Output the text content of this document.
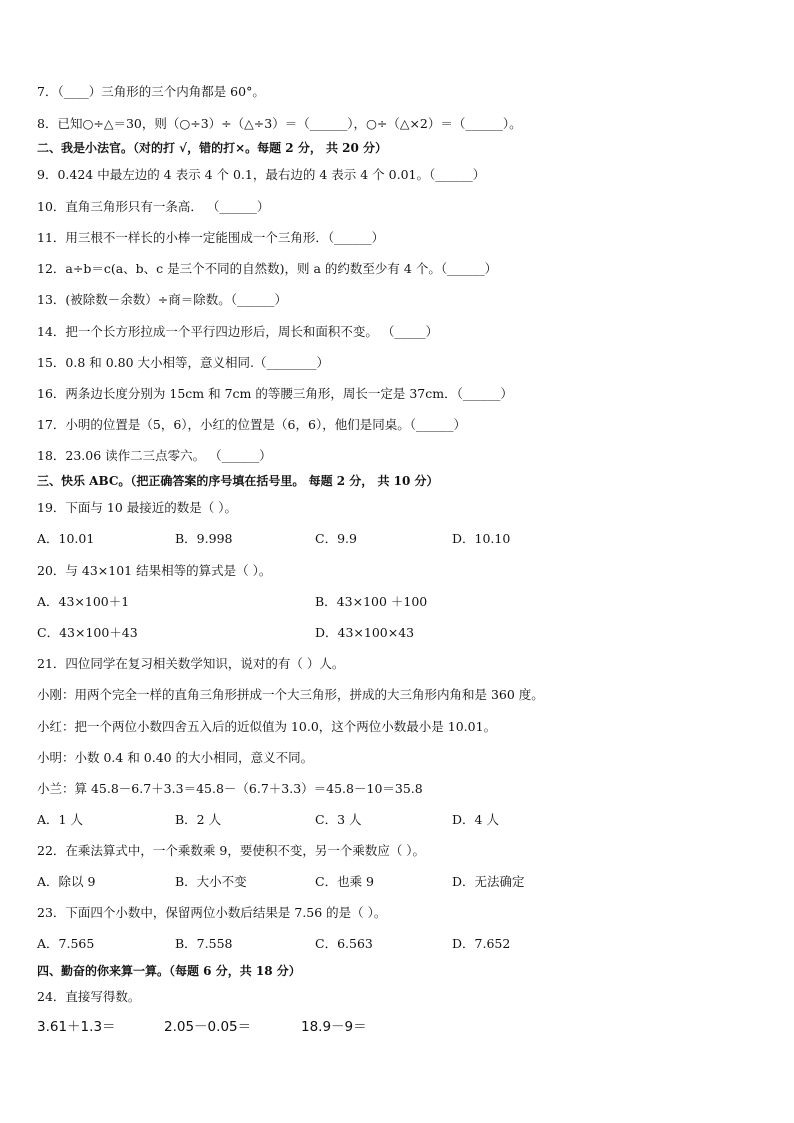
7．（____）三角形的三个内角都是 60°。
8．已知○÷△＝30，则（○÷3）÷（△÷3）＝（______），○÷（△×2）＝（______）。
二、我是小法官。（对的打 √，错的打×。每题 2 分， 共 20 分）
9．0.424 中最左边的 4 表示 4 个 0.1，最右边的 4 表示 4 个 0.01。（______）
10．直角三角形只有一条高． （______）
11．用三根不一样长的小棒一定能围成一个三角形．（______）
12．a÷b＝c(a、b、c 是三个不同的自然数)，则 a 的约数至少有 4 个。（______）
13．(被除数－余数）÷商＝除数。（______）
14．把一个长方形拉成一个平行四边形后，周长和面积不变。 （_____）
15．0.8 和 0.80 大小相等，意义相同.（________）
16．两条边长度分别为 15cm 和 7cm 的等腰三角形，周长一定是 37cm．（______）
17．小明的位置是（5，6），小红的位置是（6，6），他们是同桌。（______）
18．23.06 读作二三点零六。 （______）
三、快乐 ABC。（把正确答案的序号填在括号里。 每题 2 分， 共 10 分）
19．下面与 10 最接近的数是（ ）。
20．与 43×101 结果相等的算式是（ ）。
21．四位同学在复习相关数学知识，说对的有（ ）人。
小刚：用两个完全一样的直角三角形拼成一个大三角形，拼成的大三角形内角和是 360 度。
小红：把一个两位小数四舍五入后的近似值为 10.0，这个两位小数最小是 10.01。
小明：小数 0.4 和 0.40 的大小相同，意义不同。
小兰：算 45.8－6.7＋3.3＝45.8－（6.7＋3.3）＝45.8－10＝35.8
22．在乘法算式中，一个乘数乘 9，要使积不变，另一个乘数应（ ）。
23．下面四个小数中，保留两位小数后结果是 7.56 的是（ ）。
四、勤奋的你来算一算。（每题 6 分，共 18 分）
24．直接写得数。
A．10.01	B．9.998	C．9.9	D．10.10
A．43×100＋1	B．43×100 ＋100
C．43×100＋43	D．43×100×43
A．1 人	B．2 人	C．3 人	D．4 人
A．除以 9	B．大小不变	C．也乘 9	D．无法确定
A．7.565	B．7.558	C．6.563	D．7.652
3.61＋1.3＝	2.05－0.05＝	18.9－9＝
